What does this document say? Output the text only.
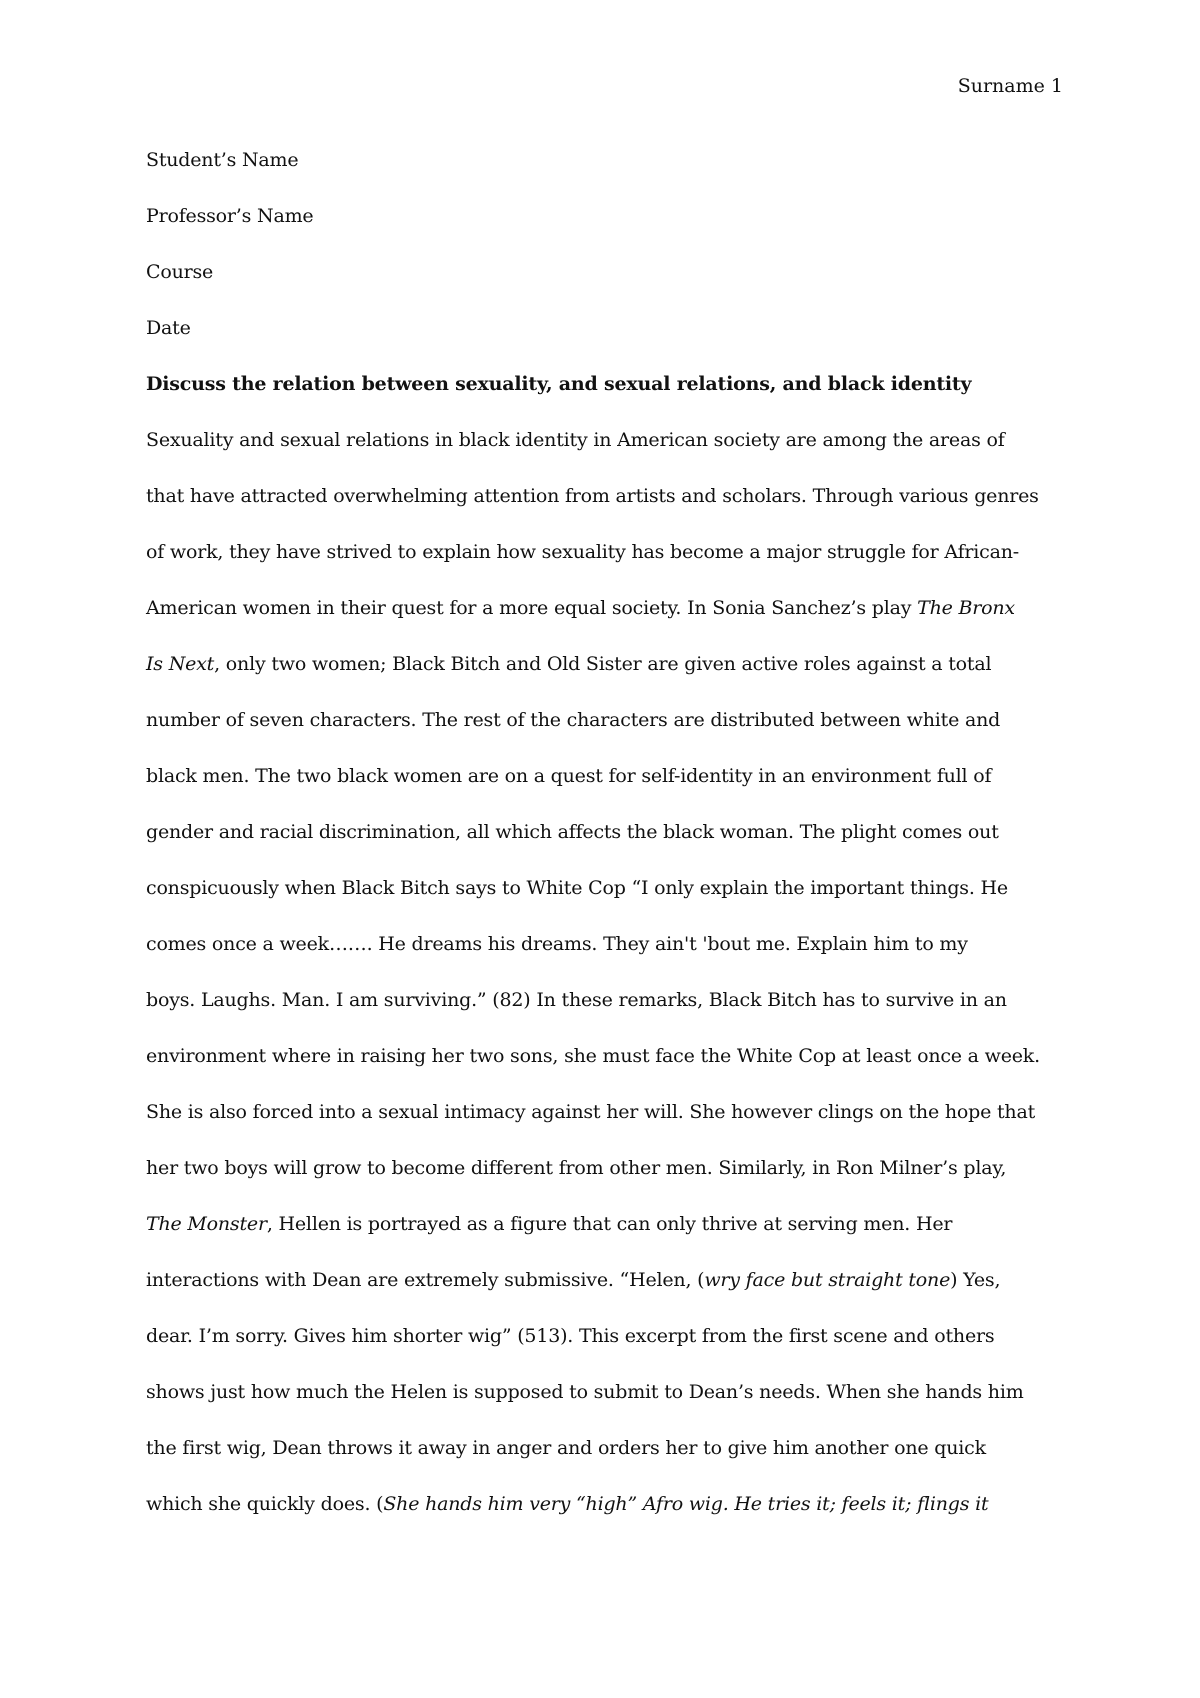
Surname 1
Student’s Name
Professor’s Name
Course
Date
Discuss the relation between sexuality, and sexual relations, and black identity
Sexuality and sexual relations in black identity in American society are among the areas of
that have attracted overwhelming attention from artists and scholars. Through various genres
of work, they have strived to explain how sexuality has become a major struggle for African-
American women in their quest for a more equal society. In Sonia Sanchez’s play The Bronx
Is Next, only two women; Black Bitch and Old Sister are given active roles against a total
number of seven characters. The rest of the characters are distributed between white and
black men. The two black women are on a quest for self-identity in an environment full of
gender and racial discrimination, all which affects the black woman. The plight comes out
conspicuously when Black Bitch says to White Cop “I only explain the important things. He
comes once a week……. He dreams his dreams. They ain't 'bout me. Explain him to my
boys. Laughs. Man. I am surviving.” (82) In these remarks, Black Bitch has to survive in an
environment where in raising her two sons, she must face the White Cop at least once a week.
She is also forced into a sexual intimacy against her will. She however clings on the hope that
her two boys will grow to become different from other men. Similarly, in Ron Milner’s play,
The Monster, Hellen is portrayed as a figure that can only thrive at serving men. Her
interactions with Dean are extremely submissive. “Helen, (wry face but straight tone) Yes,
dear. I’m sorry. Gives him shorter wig” (513). This excerpt from the first scene and others
shows just how much the Helen is supposed to submit to Dean’s needs. When she hands him
the first wig, Dean throws it away in anger and orders her to give him another one quick
which she quickly does. (She hands him very “high” Afro wig. He tries it; feels it; flings it
